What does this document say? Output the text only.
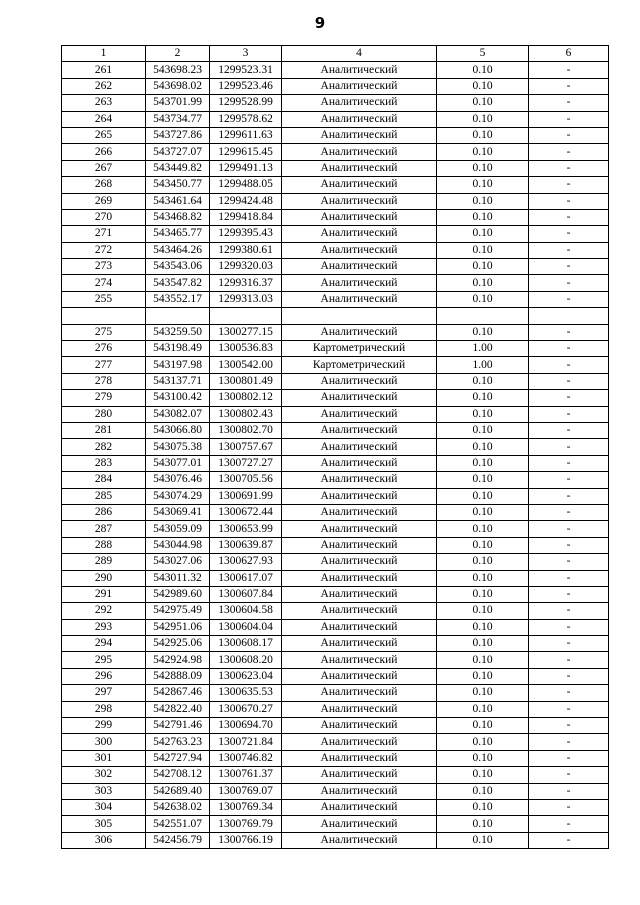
9
1	2	3	4	5	6
261	543698.23	1299523.31	Аналитический	0.10	-
262	543698.02	1299523.46	Аналитический	0.10	-
263	543701.99	1299528.99	Аналитический	0.10	-
264	543734.77	1299578.62	Аналитический	0.10	-
265	543727.86	1299611.63	Аналитический	0.10	-
266	543727.07	1299615.45	Аналитический	0.10	-
267	543449.82	1299491.13	Аналитический	0.10	-
268	543450.77	1299488.05	Аналитический	0.10	-
269	543461.64	1299424.48	Аналитический	0.10	-
270	543468.82	1299418.84	Аналитический	0.10	-
271	543465.77	1299395.43	Аналитический	0.10	-
272	543464.26	1299380.61	Аналитический	0.10	-
273	543543.06	1299320.03	Аналитический	0.10	-
274	543547.82	1299316.37	Аналитический	0.10	-
255	543552.17	1299313.03	Аналитический	0.10	-

275	543259.50	1300277.15	Аналитический	0.10	-
276	543198.49	1300536.83	Картометрический	1.00	-
277	543197.98	1300542.00	Картометрический	1.00	-
278	543137.71	1300801.49	Аналитический	0.10	-
279	543100.42	1300802.12	Аналитический	0.10	-
280	543082.07	1300802.43	Аналитический	0.10	-
281	543066.80	1300802.70	Аналитический	0.10	-
282	543075.38	1300757.67	Аналитический	0.10	-
283	543077.01	1300727.27	Аналитический	0.10	-
284	543076.46	1300705.56	Аналитический	0.10	-
285	543074.29	1300691.99	Аналитический	0.10	-
286	543069.41	1300672.44	Аналитический	0.10	-
287	543059.09	1300653.99	Аналитический	0.10	-
288	543044.98	1300639.87	Аналитический	0.10	-
289	543027.06	1300627.93	Аналитический	0.10	-
290	543011.32	1300617.07	Аналитический	0.10	-
291	542989.60	1300607.84	Аналитический	0.10	-
292	542975.49	1300604.58	Аналитический	0.10	-
293	542951.06	1300604.04	Аналитический	0.10	-
294	542925.06	1300608.17	Аналитический	0.10	-
295	542924.98	1300608.20	Аналитический	0.10	-
296	542888.09	1300623.04	Аналитический	0.10	-
297	542867.46	1300635.53	Аналитический	0.10	-
298	542822.40	1300670.27	Аналитический	0.10	-
299	542791.46	1300694.70	Аналитический	0.10	-
300	542763.23	1300721.84	Аналитический	0.10	-
301	542727.94	1300746.82	Аналитический	0.10	-
302	542708.12	1300761.37	Аналитический	0.10	-
303	542689.40	1300769.07	Аналитический	0.10	-
304	542638.02	1300769.34	Аналитический	0.10	-
305	542551.07	1300769.79	Аналитический	0.10	-
306	542456.79	1300766.19	Аналитический	0.10	-
